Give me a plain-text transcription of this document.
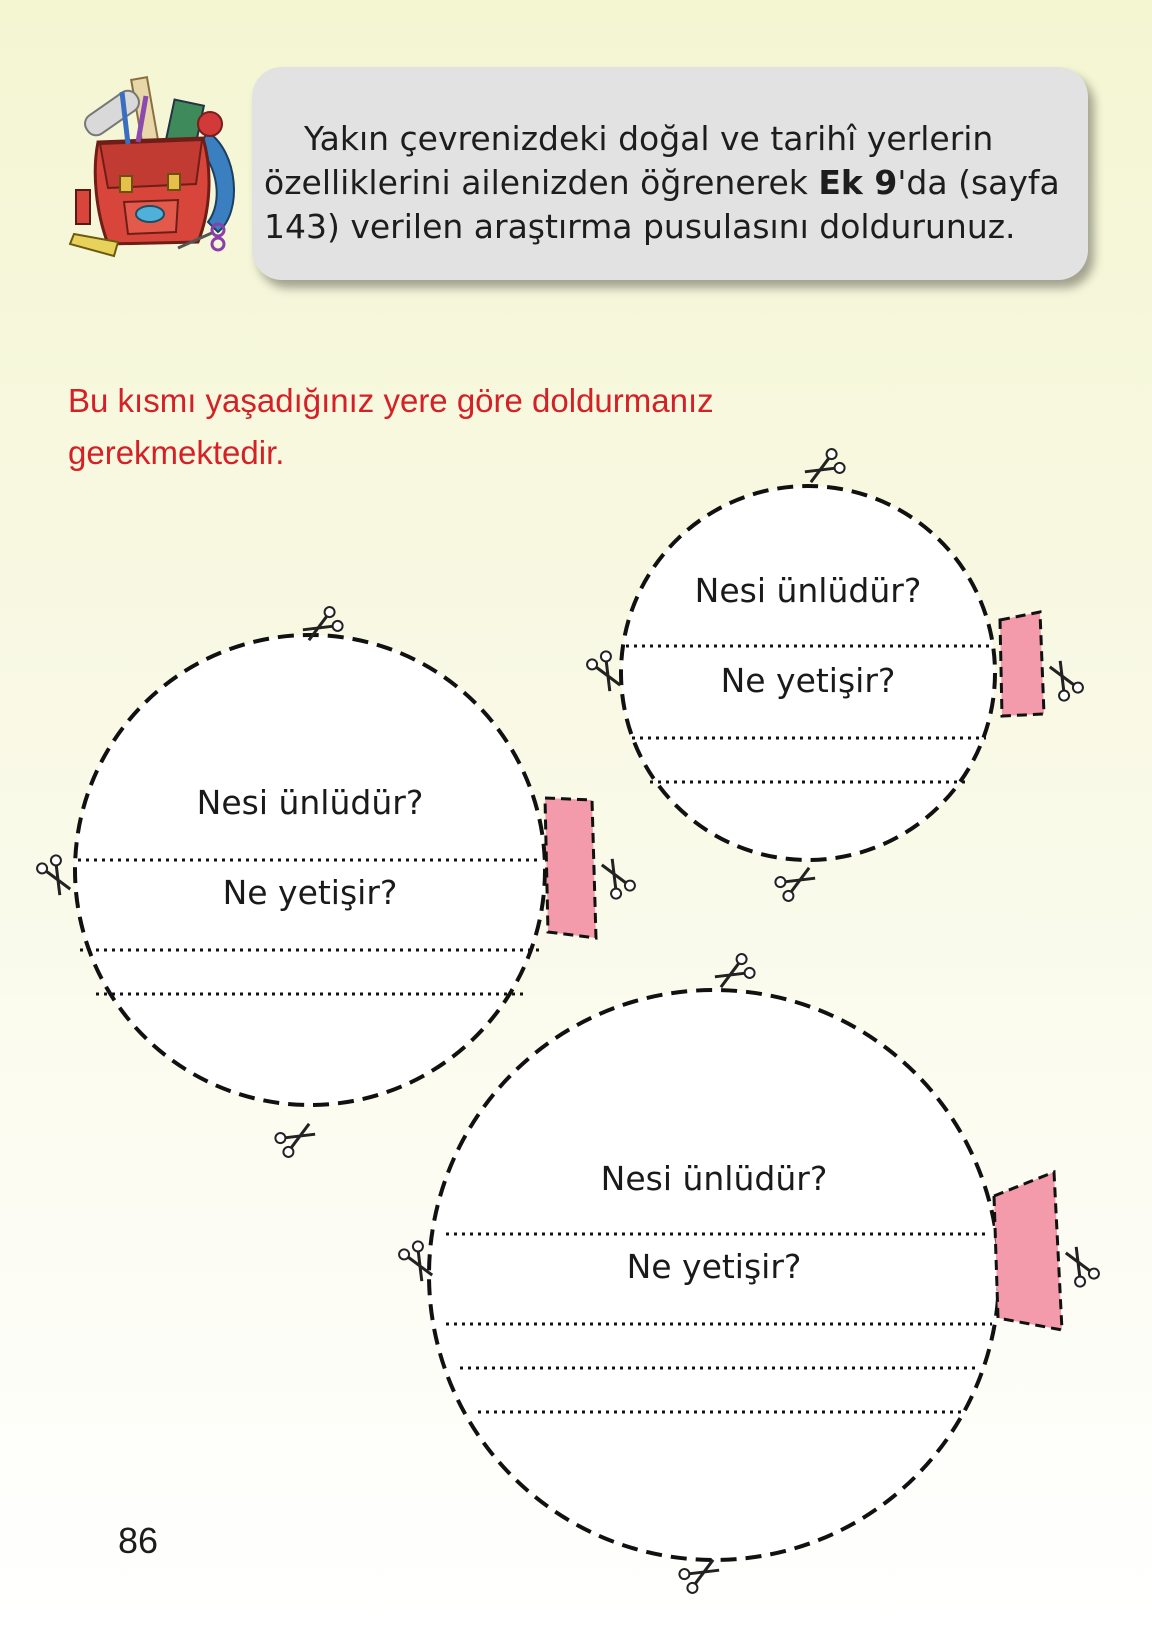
Yakın çevrenizdeki doğal ve tarihî yerlerin
özelliklerini ailenizden öğrenerek Ek 9'da (sayfa
143) verilen araştırma pusulasını doldurunuz.
Bu kısmı yaşadığınız yere göre doldurmanız
gerekmektedir.
Nesi ünlüdür?
Ne yetişir?
Nesi ünlüdür?
Ne yetişir?
Nesi ünlüdür?
Ne yetişir?
86
